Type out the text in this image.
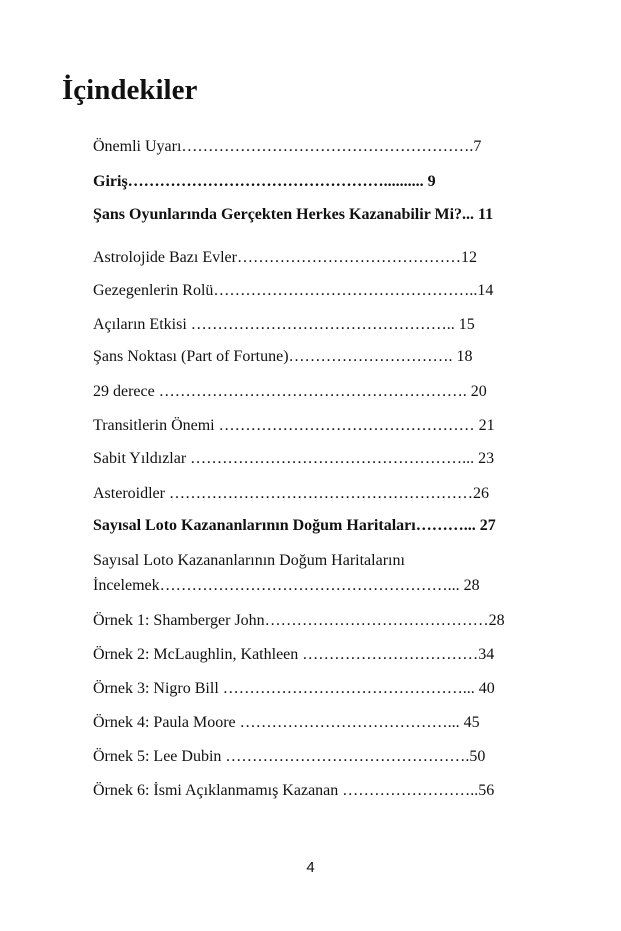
İçindekiler
Önemli Uyarı……………………………………………….7
Giriş………………………………………….......... 9
Şans Oyunlarında Gerçekten Herkes Kazanabilir Mi?... 11
Astrolojide Bazı Evler……………………………………12
Gezegenlerin Rolü…………………………………………..14
Açıların Etkisi ………………………………………….. 15
Şans Noktası (Part of Fortune)…………………………. 18
29 derece …………………………………………………. 20
Transitlerin Önemi ………………………………………… 21
Sabit Yıldızlar ……………………………………………... 23
Asteroidler …………………………………………………26
Sayısal Loto Kazananlarının Doğum Haritaları………... 27
Sayısal Loto Kazananlarının Doğum Haritalarını
İncelemek………………………………………………... 28
Örnek 1: Shamberger John……………………………………28
Örnek 2: McLaughlin, Kathleen ……………………………34
Örnek 3: Nigro Bill ………………………………………... 40
Örnek 4: Paula Moore …………………………………... 45
Örnek 5: Lee Dubin ……………………………………….50
Örnek 6: İsmi Açıklanmamış Kazanan ……………………..56
4
